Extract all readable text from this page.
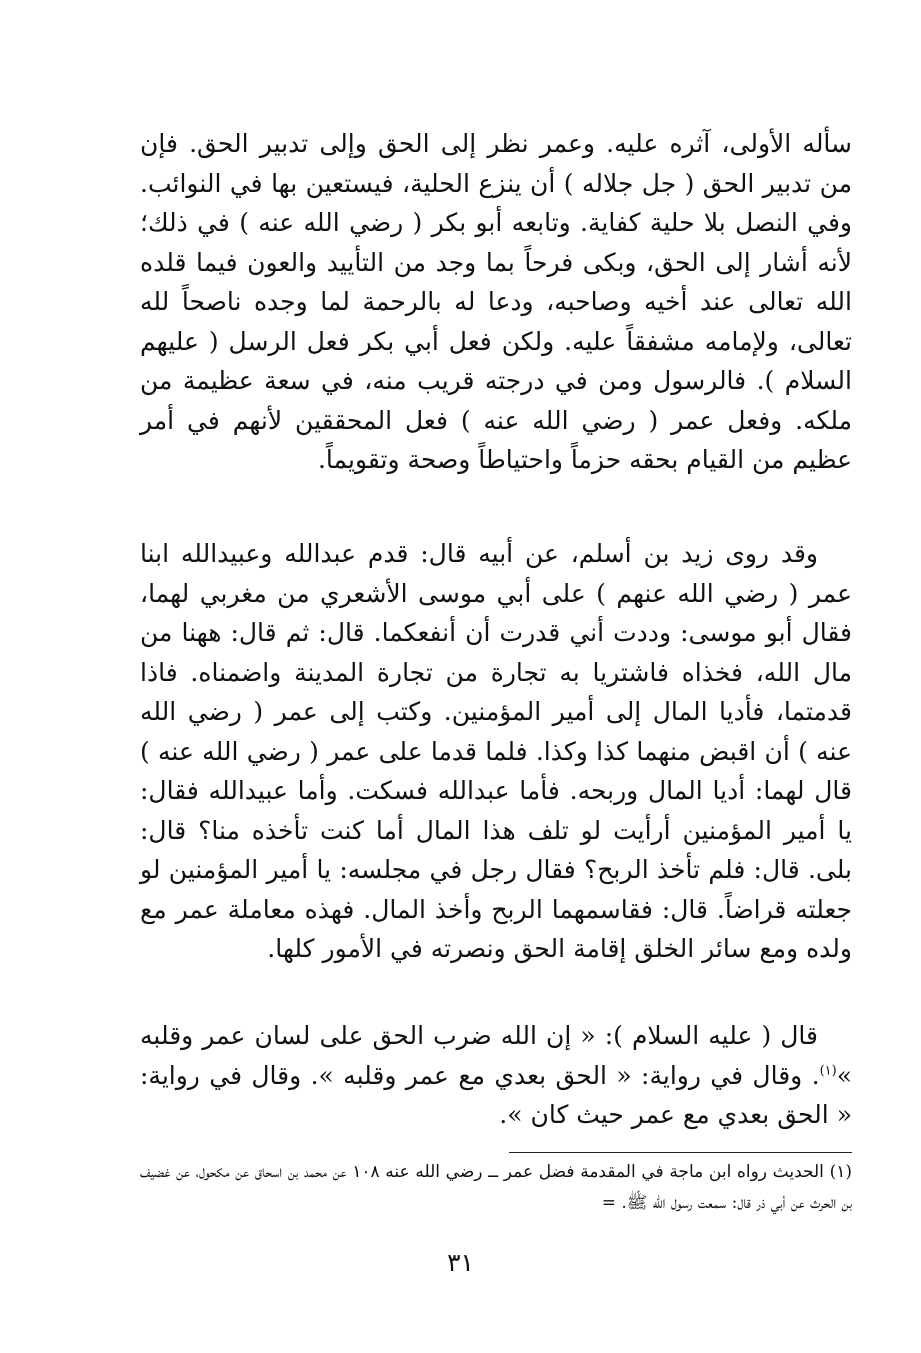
سأله الأولى، آثره عليه. وعمر نظر إلى الحق وإلى تدبير الحق. فإن من تدبير الحق ( جل جلاله ) أن ينزع الحلية، فيستعين بها في النوائب. وفي النصل بلا حلية كفاية. وتابعه أبو بكر ( رضي الله عنه ) في ذلك؛ لأنه أشار إلى الحق، وبكى فرحاً بما وجد من التأييد والعون فيما قلده الله تعالى عند أخيه وصاحبه، ودعا له بالرحمة لما وجده ناصحاً لله تعالى، ولإمامه مشفقاً عليه. ولكن فعل أبي بكر فعل الرسل ( عليهم السلام ). فالرسول ومن في درجته قريب منه، في سعة عظيمة من ملكه. وفعل عمر ( رضي الله عنه ) فعل المحققين لأنهم في أمر عظيم من القيام بحقه حزماً واحتياطاً وصحة وتقويماً.

وقد روى زيد بن أسلم، عن أبيه قال: قدم عبدالله وعبيدالله ابنا عمر ( رضي الله عنهم ) على أبي موسى الأشعري من مغربي لهما، فقال أبو موسى: وددت أني قدرت أن أنفعكما. قال: ثم قال: ههنا من مال الله، فخذاه فاشتريا به تجارة من تجارة المدينة واضمناه. فاذا قدمتما، فأديا المال إلى أمير المؤمنين. وكتب إلى عمر ( رضي الله عنه ) أن اقبض منهما كذا وكذا. فلما قدما على عمر ( رضي الله عنه ) قال لهما: أديا المال وربحه. فأما عبدالله فسكت. وأما عبيدالله فقال: يا أمير المؤمنين أرأيت لو تلف هذا المال أما كنت تأخذه منا؟ قال: بلى. قال: فلم تأخذ الربح؟ فقال رجل في مجلسه: يا أمير المؤمنين لو جعلته قراضاً. قال: فقاسمهما الربح وأخذ المال. فهذه معاملة عمر مع ولده ومع سائر الخلق إقامة الحق ونصرته في الأمور كلها.

قال ( عليه السلام ): « إن الله ضرب الحق على لسان عمر وقلبه »$^{(١)}$. وقال في رواية: « الحق بعدي مع عمر وقلبه ». وقال في رواية: « الحق بعدي مع عمر حيث كان ».

(١) الحديث رواه ابن ماجة في المقدمة فضل عمر ــ رضي الله عنه ١٠٨ عن محمد بن اسحاق عن مكحول، عن غضيف بن الحرث عن أبي ذر قال: سمعت رسول الله ﷺ. =

٣١
